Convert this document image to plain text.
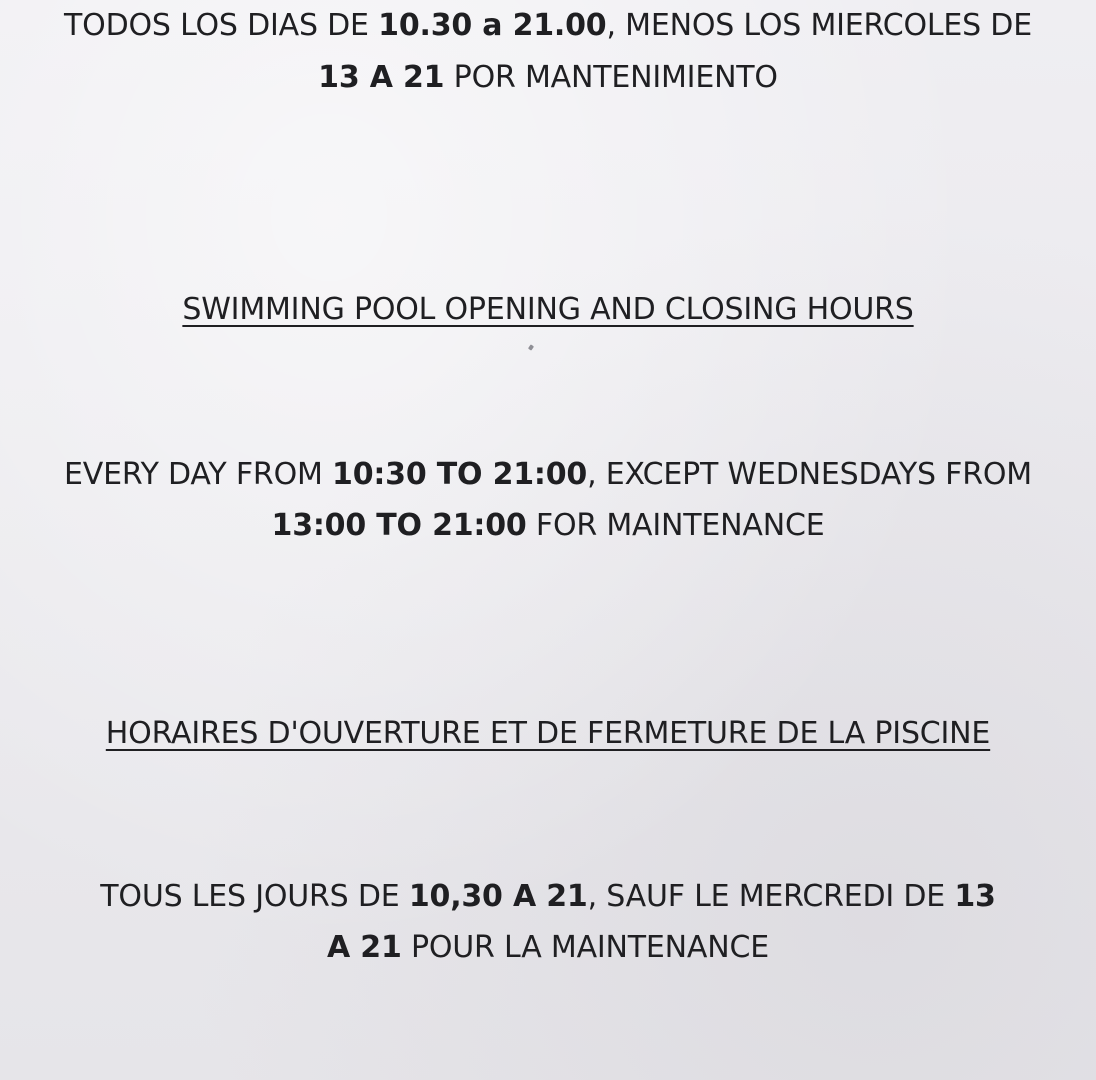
TODOS LOS DIAS DE 10.30 a 21.00, MENOS LOS MIERCOLES DE
13 A 21 POR MANTENIMIENTO
SWIMMING POOL OPENING AND CLOSING HOURS
EVERY DAY FROM 10:30 TO 21:00, EXCEPT WEDNESDAYS FROM
13:00 TO 21:00 FOR MAINTENANCE
HORAIRES D'OUVERTURE ET DE FERMETURE DE LA PISCINE
TOUS LES JOURS DE 10,30 A 21, SAUF LE MERCREDI DE 13
A 21 POUR LA MAINTENANCE
